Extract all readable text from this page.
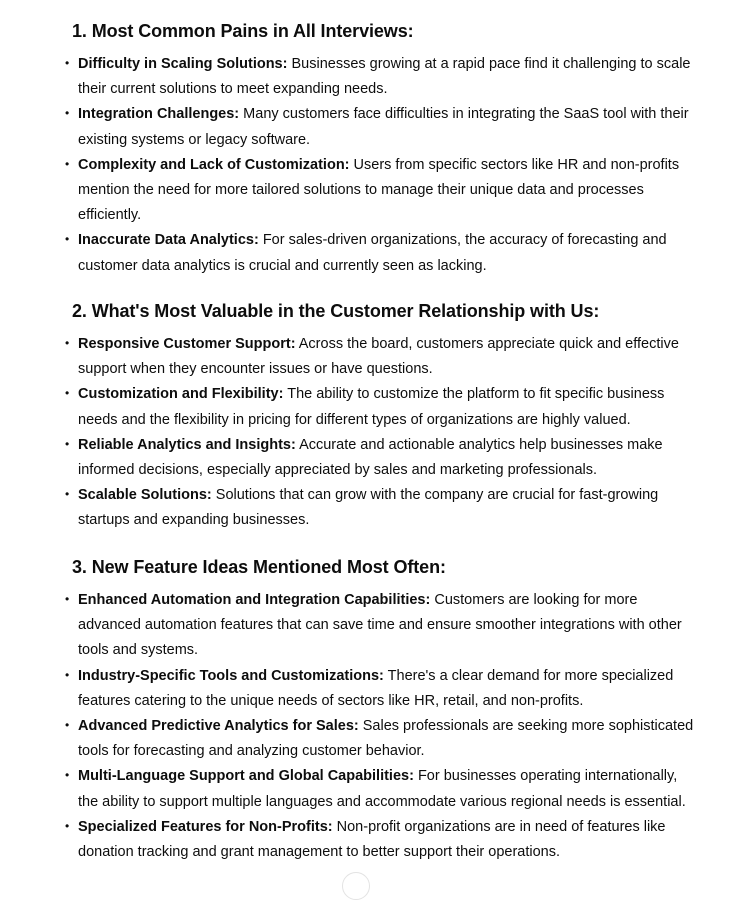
1. Most Common Pains in All Interviews:
• Difficulty in Scaling Solutions: Businesses growing at a rapid pace find it challenging to scale their current solutions to meet expanding needs.
• Integration Challenges: Many customers face difficulties in integrating the SaaS tool with their existing systems or legacy software.
• Complexity and Lack of Customization: Users from specific sectors like HR and non-profits mention the need for more tailored solutions to manage their unique data and processes efficiently.
• Inaccurate Data Analytics: For sales-driven organizations, the accuracy of forecasting and customer data analytics is crucial and currently seen as lacking.
2. What's Most Valuable in the Customer Relationship with Us:
• Responsive Customer Support: Across the board, customers appreciate quick and effective support when they encounter issues or have questions.
• Customization and Flexibility: The ability to customize the platform to fit specific business needs and the flexibility in pricing for different types of organizations are highly valued.
• Reliable Analytics and Insights: Accurate and actionable analytics help businesses make informed decisions, especially appreciated by sales and marketing professionals.
• Scalable Solutions: Solutions that can grow with the company are crucial for fast-growing startups and expanding businesses.
3. New Feature Ideas Mentioned Most Often:
• Enhanced Automation and Integration Capabilities: Customers are looking for more advanced automation features that can save time and ensure smoother integrations with other tools and systems.
• Industry-Specific Tools and Customizations: There's a clear demand for more specialized features catering to the unique needs of sectors like HR, retail, and non-profits.
• Advanced Predictive Analytics for Sales: Sales professionals are seeking more sophisticated tools for forecasting and analyzing customer behavior.
• Multi-Language Support and Global Capabilities: For businesses operating internationally, the ability to support multiple languages and accommodate various regional needs is essential.
• Specialized Features for Non-Profits: Non-profit organizations are in need of features like donation tracking and grant management to better support their operations.
